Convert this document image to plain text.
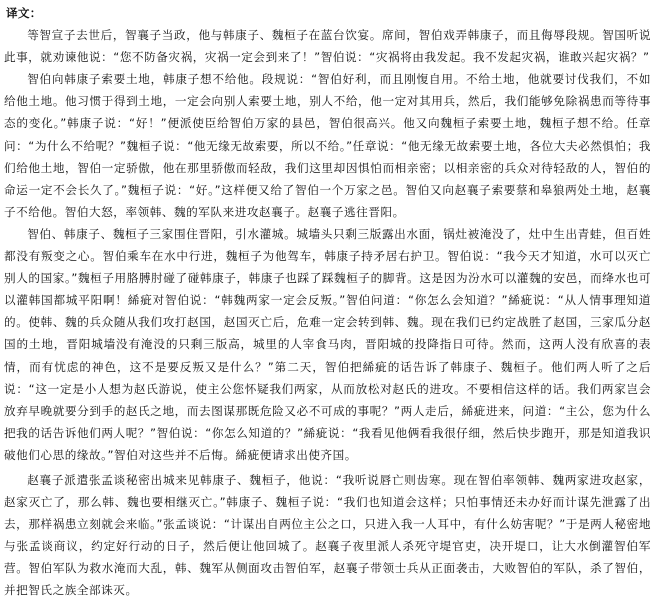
译文：

等智宣子去世后，智襄子当政，他与韩康子、魏桓子在蓝台饮宴。席间，智伯戏弄韩康子，而且侮辱段规。智国听说此事，就劝谏他说：“您不防备灾祸，灾祸一定会到来了！”智伯说：“灾祸将由我发起。我不发起灾祸，谁敢兴起灾祸？”

智伯向韩康子索要土地，韩康子想不给他。段规说：“智伯好利，而且刚愎自用。不给土地，他就要讨伐我们，不如给他土地。他习惯于得到土地，一定会向别人索要土地，别人不给，他一定对其用兵，然后，我们能够免除祸患而等待事态的变化。”韩康子说：“好！”便派使臣给智伯万家的县邑，智伯很高兴。他又向魏桓子索要土地，魏桓子想不给。任章问：“为什么不给呢？”魏桓子说：“他无缘无故索要，所以不给。”任章说：“他无缘无故索要土地，各位大夫必然惧怕；我们给他土地，智伯一定骄傲，他在那里骄傲而轻敌，我们这里却因惧怕而相亲密；以相亲密的兵众对待轻敌的人，智伯的命运一定不会长久了。”魏桓子说：“好。”这样便又给了智伯一个万家之邑。智伯又向赵襄子索要蔡和皋狼两处土地，赵襄子不给他。智伯大怒，率领韩、魏的军队来进攻赵襄子。赵襄子逃往晋阳。

智伯、韩康子、魏桓子三家围住晋阳，引水灌城。城墙头只剩三版露出水面，锅灶被淹没了，灶中生出青蛙，但百姓都没有叛变之心。智伯乘车在水中行进，魏桓子为他驾车，韩康子持矛居右护卫。智伯说：“我今天才知道，水可以灭亡别人的国家。”魏桓子用胳膊肘碰了碰韩康子，韩康子也踩了踩魏桓子的脚背。这是因为汾水可以灌魏的安邑，而绛水也可以灌韩国都城平阳啊！絺疵对智伯说：“韩魏两家一定会反叛。”智伯问道：“你怎么会知道？”絺疵说：“从人情事理知道的。使韩、魏的兵众随从我们攻打赵国，赵国灭亡后，危难一定会转到韩、魏。现在我们已约定战胜了赵国，三家瓜分赵国的土地，晋阳城墙没有淹没的只剩三版高，城里的人宰食马肉，晋阳城的投降指日可待。然而，这两人没有欣喜的表情，而有忧虑的神色，这不是要反叛又是什么？”第二天，智伯把絺疵的话告诉了韩康子、魏桓子。他们两人听了之后说：“这一定是小人想为赵氏游说，使主公您怀疑我们两家，从而放松对赵氏的进攻。不要相信这样的话。我们两家岂会放弃早晚就要分到手的赵氏之地，而去图谋那既危险又必不可成的事呢？”两人走后，絺疵进来，问道：“主公，您为什么把我的话告诉他们两人呢？”智伯说：“你怎么知道的？”絺疵说：“我看见他俩看我很仔细，然后快步跑开，那是知道我识破他们心思的缘故。”智伯对这些并不后悔。絺疵便请求出使齐国。

赵襄子派遣张孟谈秘密出城来见韩康子、魏桓子，他说：“我听说唇亡则齿寒。现在智伯率领韩、魏两家进攻赵家，赵家灭亡了，那么韩、魏也要相继灭亡。”韩康子、魏桓子说：“我们也知道会这样；只怕事情还未办好而计谋先泄露了出去，那样祸患立刻就会来临。”张孟谈说：“计谋出自两位主公之口，只进入我一人耳中，有什么妨害呢？”于是两人秘密地与张孟谈商议，约定好行动的日子，然后便让他回城了。赵襄子夜里派人杀死守堤官吏，决开堤口，让大水倒灌智伯军营。智伯军队为救水淹而大乱，韩、魏军从侧面攻击智伯军，赵襄子带领士兵从正面袭击，大败智伯的军队，杀了智伯，并把智氏之族全部诛灭。
